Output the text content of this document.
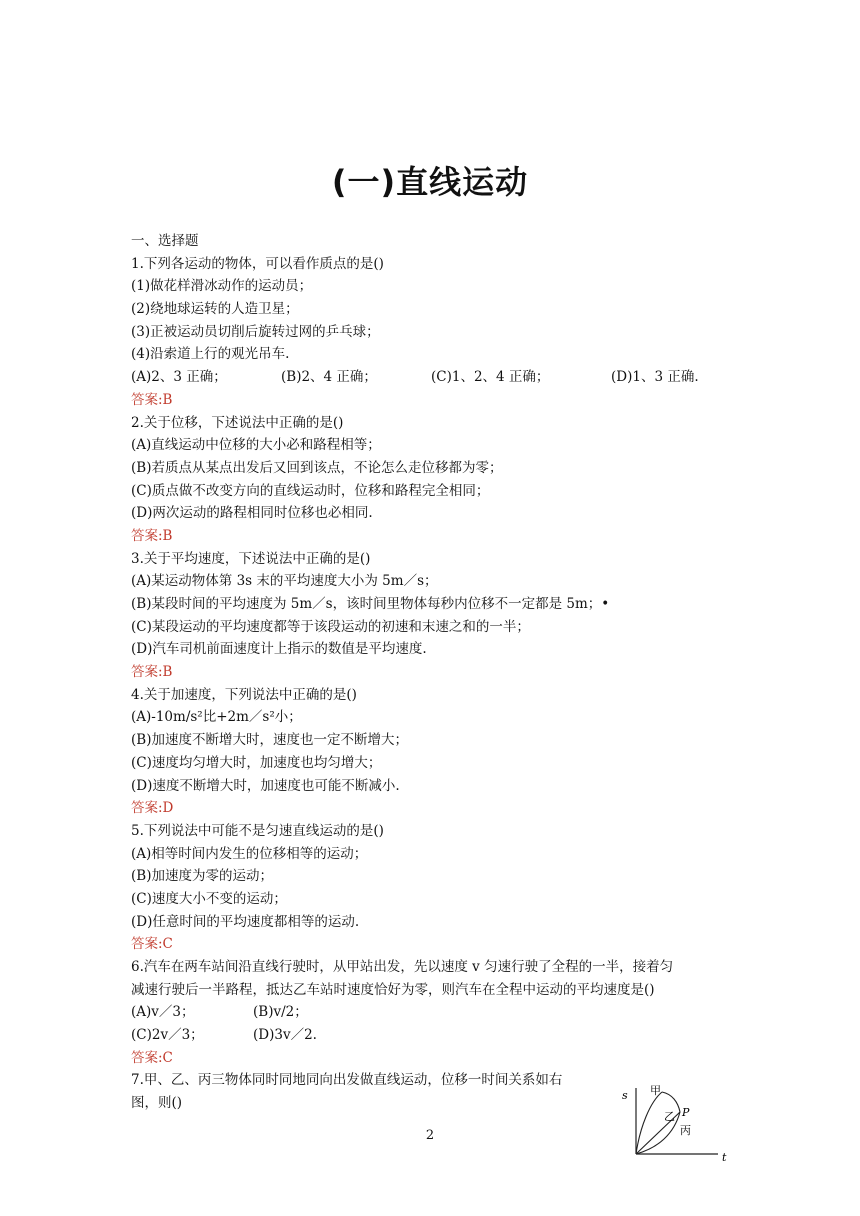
(一)直线运动
一、选择题
1.下列各运动的物体，可以看作质点的是()
(1)做花样滑冰动作的运动员；
(2)绕地球运转的人造卫星；
(3)正被运动员切削后旋转过网的乒乓球；
(4)沿索道上行的观光吊车.
(A)2、3 正确；	(B)2、4 正确；	(C)1、2、4 正确；	(D)1、3 正确.
答案:B
2.关于位移，下述说法中正确的是()
(A)直线运动中位移的大小必和路程相等；
(B)若质点从某点出发后又回到该点，不论怎么走位移都为零；
(C)质点做不改变方向的直线运动时，位移和路程完全相同；
(D)两次运动的路程相同时位移也必相同.
答案:B
3.关于平均速度，下述说法中正确的是()
(A)某运动物体第 3s 末的平均速度大小为 5m／s；
(B)某段时间的平均速度为 5m／s，该时间里物体每秒内位移不一定都是 5m；•
(C)某段运动的平均速度都等于该段运动的初速和末速之和的一半；
(D)汽车司机前面速度计上指示的数值是平均速度.
答案:B
4.关于加速度，下列说法中正确的是()
(A)-10m/s²比+2m／s²小；
(B)加速度不断增大时，速度也一定不断增大；
(C)速度均匀增大时，加速度也均匀增大；
(D)速度不断增大时，加速度也可能不断减小.
答案:D
5.下列说法中可能不是匀速直线运动的是()
(A)相等时间内发生的位移相等的运动；
(B)加速度为零的运动；
(C)速度大小不变的运动；
(D)任意时间的平均速度都相等的运动.
答案:C
6.汽车在两车站间沿直线行驶时，从甲站出发，先以速度 v 匀速行驶了全程的一半，接着匀
减速行驶后一半路程，抵达乙车站时速度恰好为零，则汽车在全程中运动的平均速度是()
(A)v／3；	(B)v/2；
(C)2v／3；	(D)3v／2.
答案:C
7.甲、乙、丙三物体同时同地同向出发做直线运动，位移一时间关系如右
图，则()	s
t
甲
乙 P
丙
2
